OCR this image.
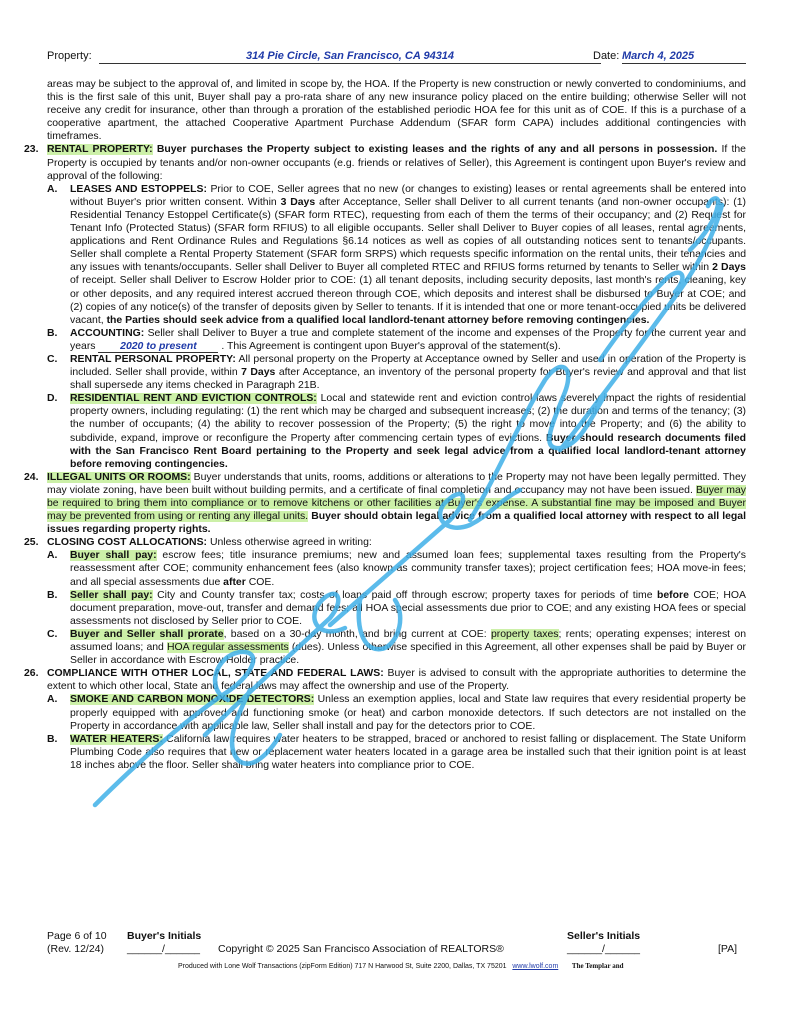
Property:	314 Pie Circle, San Francisco, CA 94314	Date: March 4, 2025

areas may be subject to the approval of, and limited in scope by, the HOA. If the Property is new construction or newly converted to condominiums, and this is the first sale of this unit, Buyer shall pay a pro-rata share of any new insurance policy placed on the entire building; otherwise Seller will not receive any credit for insurance, other than through a proration of the established periodic HOA fee for this unit as of COE. If this is a purchase of a cooperative apartment, the attached Cooperative Apartment Purchase Addendum (SFAR form CAPA) includes additional contingencies with timeframes.

23. RENTAL PROPERTY: Buyer purchases the Property subject to existing leases and the rights of any and all persons in possession. If the Property is occupied by tenants and/or non-owner occupants (e.g. friends or relatives of Seller), this Agreement is contingent upon Buyer's review and approval of the following:
A. LEASES AND ESTOPPELS: Prior to COE, Seller agrees that no new (or changes to existing) leases or rental agreements shall be entered into without Buyer's prior written consent. Within 3 Days after Acceptance, Seller shall Deliver to all current tenants (and non-owner occupants): (1) Residential Tenancy Estoppel Certificate(s) (SFAR form RTEC), requesting from each of them the terms of their occupancy; and (2) Request for Tenant Info (Protected Status) (SFAR form RFIUS) to all eligible occupants. Seller shall Deliver to Buyer copies of all leases, rental agreements, applications and Rent Ordinance Rules and Regulations §6.14 notices as well as copies of all outstanding notices sent to tenants/occupants. Seller shall complete a Rental Property Statement (SFAR form SRPS) which requests specific information on the rental units, their tenancies and any issues with tenants/occupants. Seller shall Deliver to Buyer all completed RTEC and RFIUS forms returned by tenants to Seller within 2 Days of receipt. Seller shall Deliver to Escrow Holder prior to COE: (1) all tenant deposits, including security deposits, last month's rents, cleaning, key or other deposits, and any required interest accrued thereon through COE, which deposits and interest shall be disbursed to Buyer at COE; and (2) copies of any notice(s) of the transfer of deposits given by Seller to tenants. If it is intended that one or more tenant-occupied units be delivered vacant, the Parties should seek advice from a qualified local landlord-tenant attorney before removing contingencies.
B. ACCOUNTING: Seller shall Deliver to Buyer a true and complete statement of the income and expenses of the Property for the current year and years 2020 to present . This Agreement is contingent upon Buyer's approval of the statement(s).
C. RENTAL PERSONAL PROPERTY: All personal property on the Property at Acceptance owned by Seller and used in operation of the Property is included. Seller shall provide, within 7 Days after Acceptance, an inventory of the personal property for Buyer's review and approval and that list shall supersede any items checked in Paragraph 21B.
D. RESIDENTIAL RENT AND EVICTION CONTROLS: Local and statewide rent and eviction control laws severely impact the rights of residential property owners, including regulating: (1) the rent which may be charged and subsequent increases; (2) the duration and terms of the tenancy; (3) the number of occupants; (4) the ability to recover possession of the Property; (5) the right to move into the Property; and (6) the ability to subdivide, expand, improve or reconfigure the Property after commencing certain types of evictions. Buyer should research documents filed with the San Francisco Rent Board pertaining to the Property and seek legal advice from a qualified local landlord-tenant attorney before removing contingencies.
24. ILLEGAL UNITS OR ROOMS: Buyer understands that units, rooms, additions or alterations to the Property may not have been legally permitted. They may violate zoning, have been built without building permits, and a certificate of final completion and occupancy may not have been issued. Buyer may be required to bring them into compliance or to remove kitchens or other facilities at Buyer's expense. A substantial fine may be imposed and Buyer may be prevented from using or renting any illegal units. Buyer should obtain legal advice from a qualified local attorney with respect to all legal issues regarding property rights.
25. CLOSING COST ALLOCATIONS: Unless otherwise agreed in writing:
A. Buyer shall pay: escrow fees; title insurance premiums; new and assumed loan fees; supplemental taxes resulting from the Property's reassessment after COE; community enhancement fees (also known as community transfer taxes); project certification fees; HOA move-in fees; and all special assessments due after COE.
B. Seller shall pay: City and County transfer tax; costs of loans paid off through escrow; property taxes for periods of time before COE; HOA document preparation, move-out, transfer and demand fees; all HOA special assessments due prior to COE; and any existing HOA fees or special assessments not disclosed by Seller prior to COE.
C. Buyer and Seller shall prorate, based on a 30-day month, and bring current at COE: property taxes; rents; operating expenses; interest on assumed loans; and HOA regular assessments (dues). Unless otherwise specified in this Agreement, all other expenses shall be paid by Buyer or Seller in accordance with Escrow Holder practice.
26. COMPLIANCE WITH OTHER LOCAL, STATE AND FEDERAL LAWS: Buyer is advised to consult with the appropriate authorities to determine the extent to which other local, State and federal laws may affect the ownership and use of the Property.
A. SMOKE AND CARBON MONOXIDE DETECTORS: Unless an exemption applies, local and State law requires that every residential property be properly equipped with approved and functioning smoke (or heat) and carbon monoxide detectors. If such detectors are not installed on the Property in accordance with applicable law, Seller shall install and pay for the detectors prior to COE.
B. WATER HEATERS: California law requires water heaters to be strapped, braced or anchored to resist falling or displacement. The State Uniform Plumbing Code also requires that new or replacement water heaters located in a garage area be installed such that their ignition point is at least 18 inches above the floor. Seller shall bring water heaters into compliance prior to COE.
Page 6 of 10
(Rev. 12/24)
Buyer's Initials
______/______ Copyright © 2025 San Francisco Association of REALTORS®
Seller's Initials
______/______	[PA]
Produced with Lone Wolf Transactions (zipForm Edition) 717 N Harwood St, Suite 2200, Dallas, TX 75201 www.lwolf.com The Templar and
